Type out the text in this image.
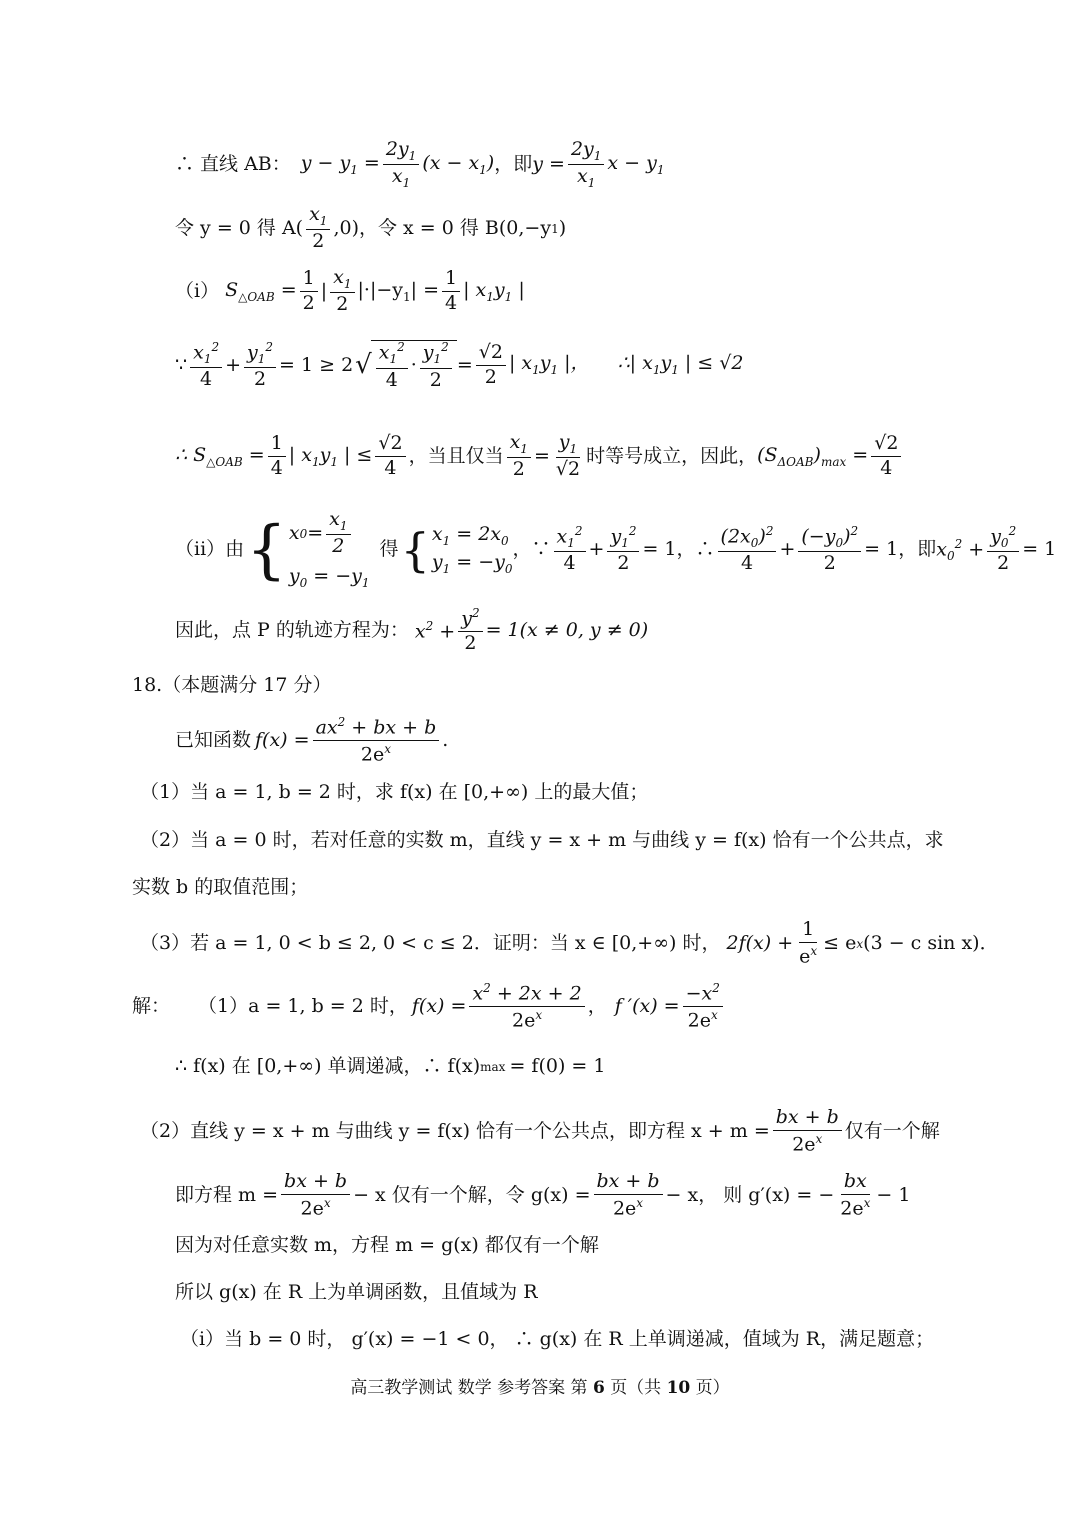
∴ 直线 AB： $y - y_1 = \frac{2y_1}{x_1} (x - x_1)$ ，即 $y = \frac{2y_1}{x_1}$ $x - y_1$
令 y = 0 得 $A( \frac{x_1}{2} ,0)$，令 x = 0 得 B(0,−y 1 )
（i） $S_{\triangle OAB} = \frac{1}{2}$ | $\frac{x_1}{2} |\cdot|-y_1| = \frac{1}{4}$ | $x_1y_1$ |
∵ $\frac{x_1^2}{4} + \frac{y_1^2}{2} = 1 \ge 2$ √ $\frac{x_1^2}{4} \cdot \frac{y_1^2}{2} = \frac{√2}{2}$ | $x_1y_1$ |， ∴| $x_1y_1$ | ≤ √2
∴ $S_{\triangle OAB} = \frac{1}{4}$ | $x_1y_1$ | ≤ $\frac{√2}{4}$ ，当且仅当 $\frac{x_1}{2} = \frac{y_1}{√2}$ 时等号成立，因此， $(S_{\Delta OAB})_{max} = \frac{√2}{4}$
（ii）由 { x $0 = \frac{x_1}{2}$
$y_0 = -y_1$
得 { $x_1 = 2x_0$
$y_1 = -y_0$
，∵ $\frac{x_1^2}{4} + \frac{y_1^2}{2} = 1$，∴ $\frac{(2x_0)^2}{4} + \frac{(-y_0)^2}{2} = 1$，即 $x_0^2 + \frac{y_0^2}{2} = 1$
因此，点 P 的轨迹方程为： $x^2 + \frac{y^2}{2} = 1(x \ne 0$, y ≠ 0)
18.（本题满分 17 分）
已知函数 $f(x) = \frac{ax^2 + bx + b}{2e^x}$ .
（1）当 a = 1, b = 2 时，求 f(x) 在 [0,+∞) 上的最大值；
（2）当 a = 0 时，若对任意的实数 m，直线 y = x + m 与曲线 y = f(x) 恰有一个公共点，求
实数 b 的取值范围；
（3）若 a = 1, 0 < b ≤ 2, 0 < c ≤ 2．证明：当 x ∈ [0,+∞) 时， $2f(x) + \frac{1}{e^x} \le e$ x (3 − c sin x)．
解： （1）a = 1, b = 2 时， $f(x) = \frac{x^2 + 2x + 2}{2e^x}$ ， f $'(x) = \frac{-x^2}{2e^x}$
∴ f(x) 在 [0,+∞) 单调递减，∴ f(x) max = f(0) = 1
（2）直线 y = x + m 与曲线 y = f(x) 恰有一个公共点，即方程 $x + m = \frac{bx + b}{2e^x}$ 仅有一个解
即方程 $m = \frac{bx + b}{2e^x} - x$ 仅有一个解，令 $g(x) = \frac{bx + b}{2e^x} - x$， 则 g′(x) = − $\frac{bx}{2e^x} - 1$
因为对任意实数 m，方程 m = g(x) 都仅有一个解
所以 g(x) 在 R 上为单调函数，且值域为 R
（i）当 b = 0 时， g′(x) = −1 < 0， ∴ g(x) 在 R 上单调递减，值域为 R，满足题意；
高三教学测试 数学 参考答案 第 6 页（共 10 页）
